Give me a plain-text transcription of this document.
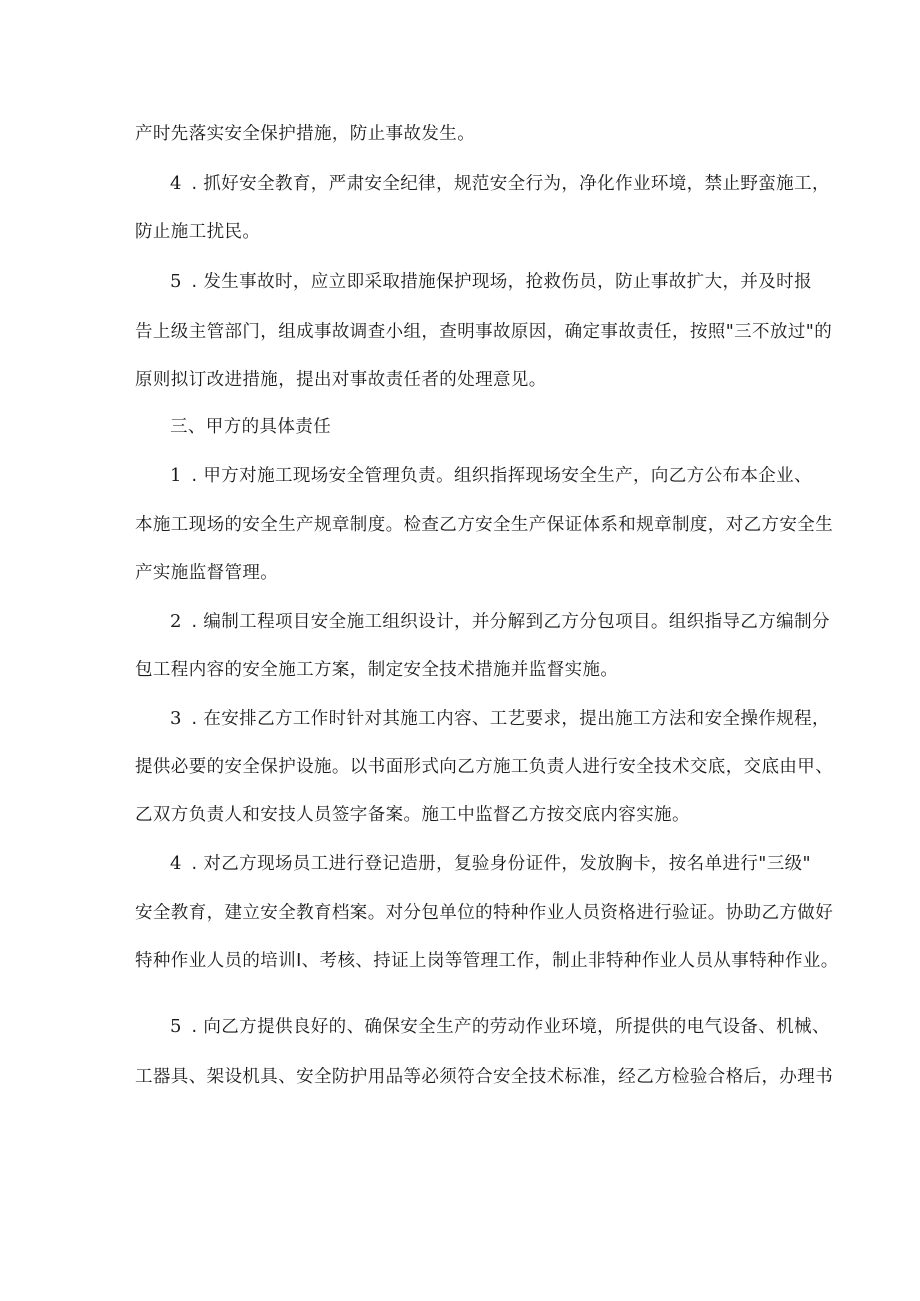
产时先落实安全保护措施，防止事故发生。
4 . 抓好安全教育，严肃安全纪律，规范安全行为，净化作业环境，禁止野蛮施工，
防止施工扰民。
5 . 发生事故时，应立即采取措施保护现场，抢救伤员，防止事故扩大，并及时报
告上级主管部门，组成事故调查小组，查明事故原因，确定事故责任，按照"三不放过"的
原则拟订改进措施，提出对事故责任者的处理意见。
三、甲方的具体责任
1 . 甲方对施工现场安全管理负责。组织指挥现场安全生产，向乙方公布本企业、
本施工现场的安全生产规章制度。检查乙方安全生产保证体系和规章制度，对乙方安全生
产实施监督管理。
2 . 编制工程项目安全施工组织设计，并分解到乙方分包项目。组织指导乙方编制分
包工程内容的安全施工方案，制定安全技术措施并监督实施。
3 . 在安排乙方工作时针对其施工内容、工艺要求，提出施工方法和安全操作规程，
提供必要的安全保护设施。以书面形式向乙方施工负责人进行安全技术交底，交底由甲、
乙双方负责人和安技人员签字备案。施工中监督乙方按交底内容实施。
4 . 对乙方现场员工进行登记造册，复验身份证件，发放胸卡，按名单进行"三级"
安全教育，建立安全教育档案。对分包单位的特种作业人员资格进行验证。协助乙方做好
特种作业人员的培训Ⅰ、考核、持证上岗等管理工作，制止非特种作业人员从事特种作业。
5 . 向乙方提供良好的、确保安全生产的劳动作业环境，所提供的电气设备、机械、
工器具、架设机具、安全防护用品等必须符合安全技术标准，经乙方检验合格后，办理书
